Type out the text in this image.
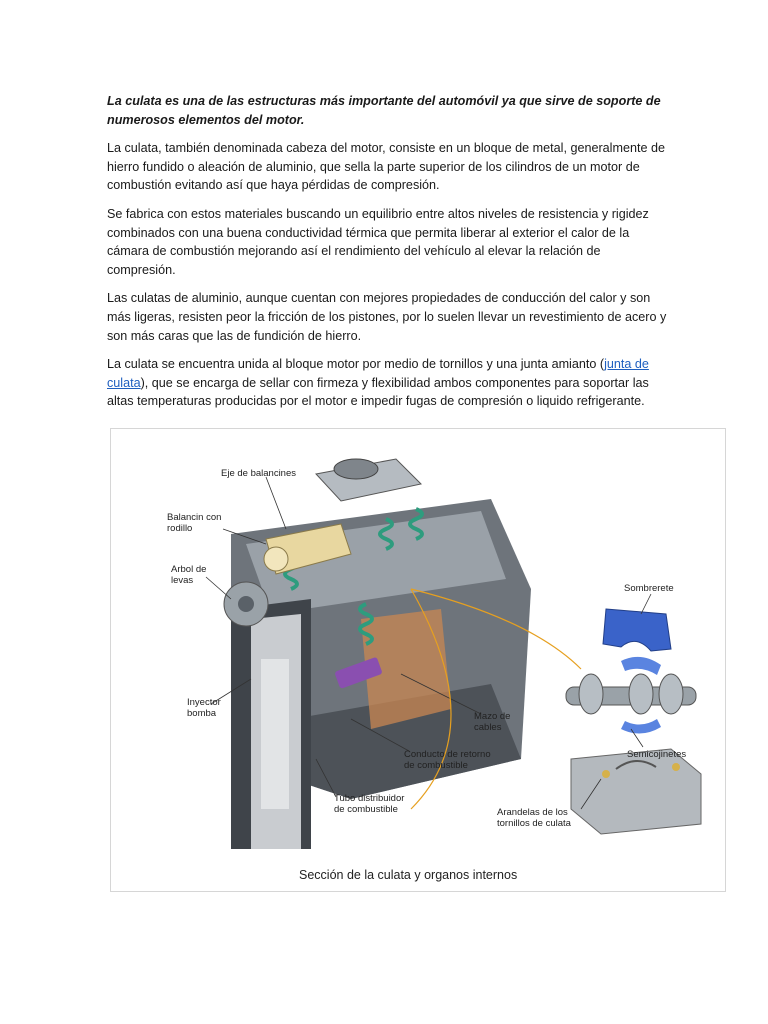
La culata es una de las estructuras más importante del automóvil ya que sirve de soporte de numerosos elementos del motor.

La culata, también denominada cabeza del motor, consiste en un bloque de metal, generalmente de hierro fundido o aleación de aluminio, que sella la parte superior de los cilindros de un motor de combustión evitando así que haya pérdidas de compresión.

Se fabrica con estos materiales buscando un equilibrio entre altos niveles de resistencia y rigidez combinados con una buena conductividad térmica que permita liberar al exterior el calor de la cámara de combustión mejorando así el rendimiento del vehículo al elevar la relación de compresión.

Las culatas de aluminio, aunque cuentan con mejores propiedades de conducción del calor y son más ligeras, resisten peor la fricción de los pistones, por lo suelen llevar un revestimiento de acero y son más caras que las de fundición de hierro.

La culata se encuentra unida al bloque motor por medio de tornillos y una junta amianto (junta de culata), que se encarga de sellar con firmeza y flexibilidad ambos componentes para soportar las altas temperaturas producidas por el motor e impedir fugas de compresión o liquido refrigerante.

Eje de balancines
Balancin con
rodillo
Arbol de
levas
Inyector
bomba	Mazo de
cables
Conducto de retorno
de combustible
Tubo distribuidor
de combustible
Sombrerete
Semicojinetes
Arandelas de los
tornillos de culata
Sección de la culata y organos internos
